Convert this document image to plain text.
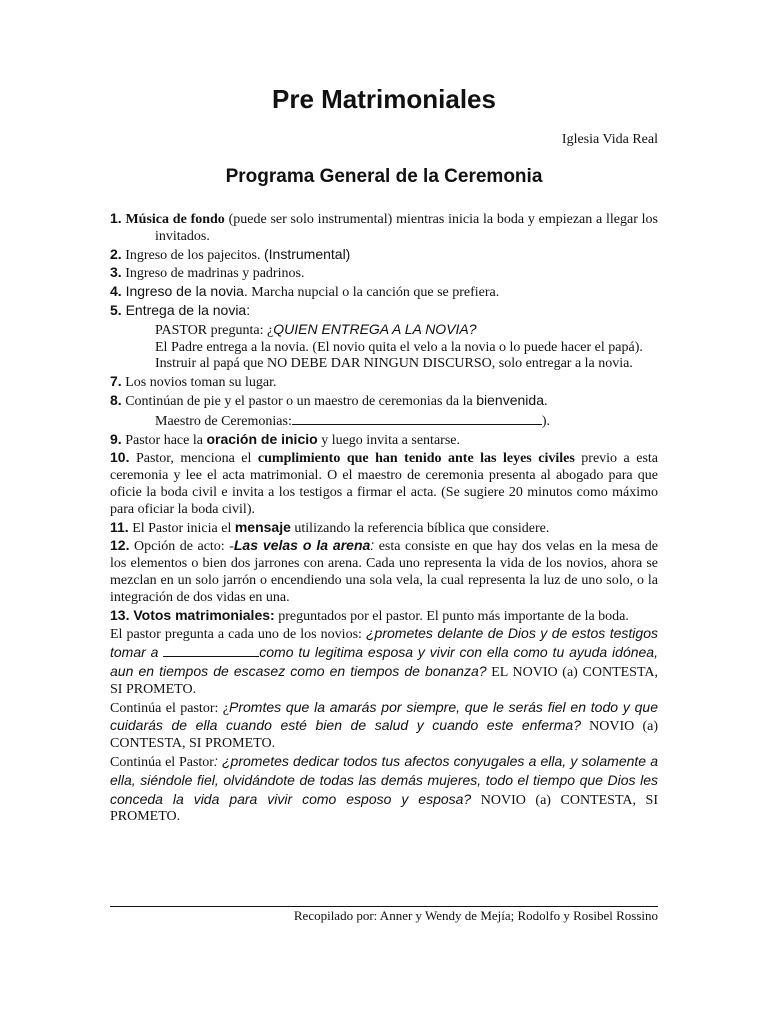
Pre Matrimoniales
Iglesia Vida Real
Programa General de la Ceremonia

1. Música de fondo (puede ser solo instrumental) mientras inicia la boda y empiezan a llegar los invitados.

2. Ingreso de los pajecitos. (Instrumental)

3. Ingreso de madrinas y padrinos.

4. Ingreso de la novia. Marcha nupcial o la canción que se prefiera.

5. Entrega de la novia:

PASTOR pregunta: ¿QUIEN ENTREGA A LA NOVIA?

El Padre entrega a la novia. (El novio quita el velo a la novia o lo puede hacer el papá).

Instruir al papá que NO DEBE DAR NINGUN DISCURSO, solo entregar a la novia.

7. Los novios toman su lugar.

8. Continúan de pie y el pastor o un maestro de ceremonias da la bienvenida.

Maestro de Ceremonias:	).

9. Pastor hace la oración de inicio y luego invita a sentarse.

10. Pastor, menciona el cumplimiento que han tenido ante las leyes civiles previo a esta ceremonia y lee el acta matrimonial. O el maestro de ceremonia presenta al abogado para que oficie la boda civil e invita a los testigos a firmar el acta. (Se sugiere 20 minutos como máximo para oficiar la boda civil).

11. El Pastor inicia el mensaje utilizando la referencia bíblica que considere.

12. Opción de acto: -Las velas o la arena: esta consiste en que hay dos velas en la mesa de los elementos o bien dos jarrones con arena. Cada uno representa la vida de los novios, ahora se mezclan en un solo jarrón o encendiendo una sola vela, la cual representa la luz de uno solo, o la integración de dos vidas en una.

13. Votos matrimoniales: preguntados por el pastor. El punto más importante de la boda.

El pastor pregunta a cada uno de los novios: ¿prometes delante de Dios y de estos testigos tomar a	como tu legitima esposa y vivir con ella como tu ayuda idónea, aun en tiempos de escasez como en tiempos de bonanza? EL NOVIO (a) CONTESTA, SI PROMETO.

Continúa el pastor: ¿Promtes que la amarás por siempre, que le serás fiel en todo y que cuidarás de ella cuando esté bien de salud y cuando este enferma? NOVIO (a) CONTESTA, SI PROMETO.

Continúa el Pastor: ¿prometes dedicar todos tus afectos conyugales a ella, y solamente a ella, siéndole fiel, olvidándote de todas las demás mujeres, todo el tiempo que Dios les conceda la vida para vivir como esposo y esposa? NOVIO (a) CONTESTA, SI PROMETO.

Recopilado por: Anner y Wendy de Mejía; Rodolfo y Rosibel Rossino
